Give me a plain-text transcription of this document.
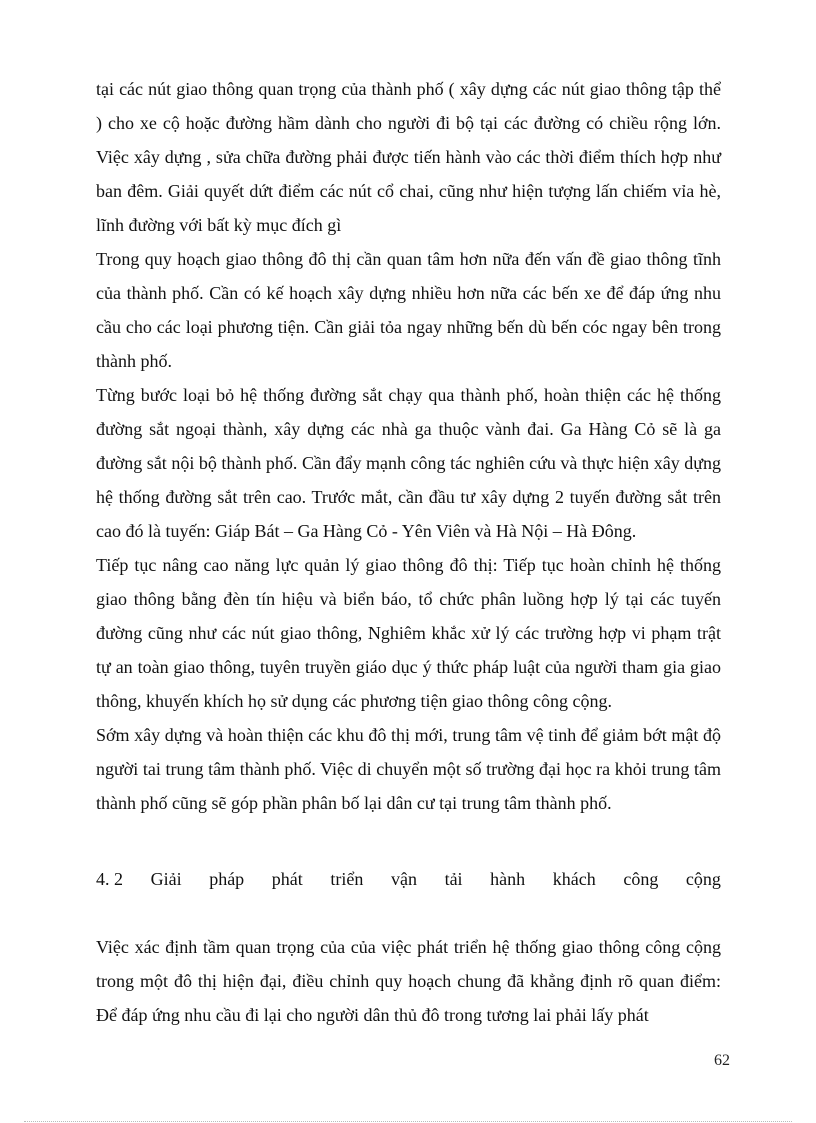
tại các nút giao thông quan trọng của thành phố ( xây dựng các nút giao thông tập thể ) cho xe cộ hoặc đường hầm dành cho người đi bộ tại các đường có chiều rộng lớn. Việc xây dựng , sửa chữa đường phải được tiến hành vào các thời điểm thích hợp như ban đêm. Giải quyết dứt điểm các nút cổ chai, cũng như hiện tượng lấn chiếm vỉa hè, lĩnh đường với bất kỳ mục đích gì

Trong quy hoạch giao thông đô thị cần quan tâm hơn nữa đến vấn đề giao thông tĩnh của thành phố. Cần có kế hoạch xây dựng nhiều hơn nữa các bến xe để đáp ứng nhu cầu cho các loại phương tiện. Cần giải tỏa ngay những bến dù bến cóc ngay bên trong thành phố.

Từng bước loại bỏ hệ thống đường sắt chạy qua thành phố, hoàn thiện các hệ thống đường sắt ngoại thành, xây dựng các nhà ga thuộc vành đai. Ga Hàng Cỏ sẽ là ga đường sắt nội bộ thành phố. Cần đẩy mạnh công tác nghiên cứu và thực hiện xây dựng hệ thống đường sắt trên cao. Trước mắt, cần đầu tư xây dựng 2 tuyến đường sắt trên cao đó là tuyến: Giáp Bát – Ga Hàng Cỏ - Yên Viên và Hà Nội – Hà Đông.

Tiếp tục nâng cao năng lực quản lý giao thông đô thị: Tiếp tục hoàn chỉnh hệ thống giao thông bằng đèn tín hiệu và biển báo, tổ chức phân luồng hợp lý tại các tuyến đường cũng như các nút giao thông, Nghiêm khắc xử lý các trường hợp vi phạm trật tự an toàn giao thông, tuyên truyền giáo dục ý thức pháp luật của người tham gia giao thông, khuyến khích họ sử dụng các phương tiện giao thông công cộng.

Sớm xây dựng và hoàn thiện các khu đô thị mới, trung tâm vệ tinh để giảm bớt mật độ người tai trung tâm thành phố. Việc di chuyển một số trường đại học ra khỏi trung tâm thành phố cũng sẽ góp phần phân bố lại dân cư tại trung tâm thành phố.

4. 2 Giải pháp phát triển vận tải hành khách công cộng
Việc xác định tầm quan trọng của của việc phát triển hệ thống giao thông công cộng trong một đô thị hiện đại, điều chỉnh quy hoạch chung đã khẳng định rõ quan điểm: Để đáp ứng nhu cầu đi lại cho người dân thủ đô trong tương lai phải lấy phát
62
